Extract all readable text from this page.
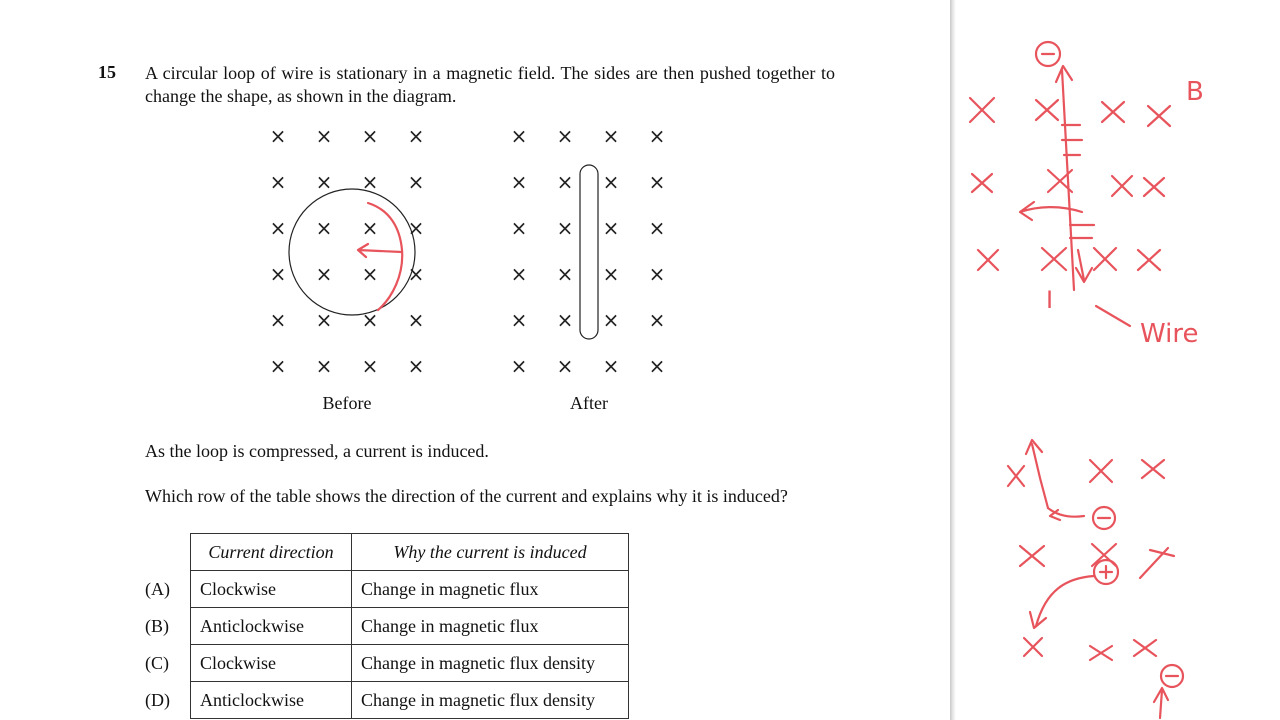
15 A circular loop of wire is stationary in a magnetic field. The sides are then pushed together to change the shape, as shown in the diagram.
× × × ×
× × × ×
× × × ×
× × × ×
× × × ×
× × × ×
× × × ×
× × × ×
× × × ×
× × × ×
× × × ×
× × × ×
Before	After
As the loop is compressed, a current is induced.
Which row of the table shows the direction of the current and explains why it is induced?
(A)
(B)
(C)
(D)
Current direction	Why the current is induced
Clockwise	Change in magnetic flux
Anticlockwise	Change in magnetic flux
Clockwise	Change in magnetic flux density
Anticlockwise	Change in magnetic flux density
B
I
Wire
